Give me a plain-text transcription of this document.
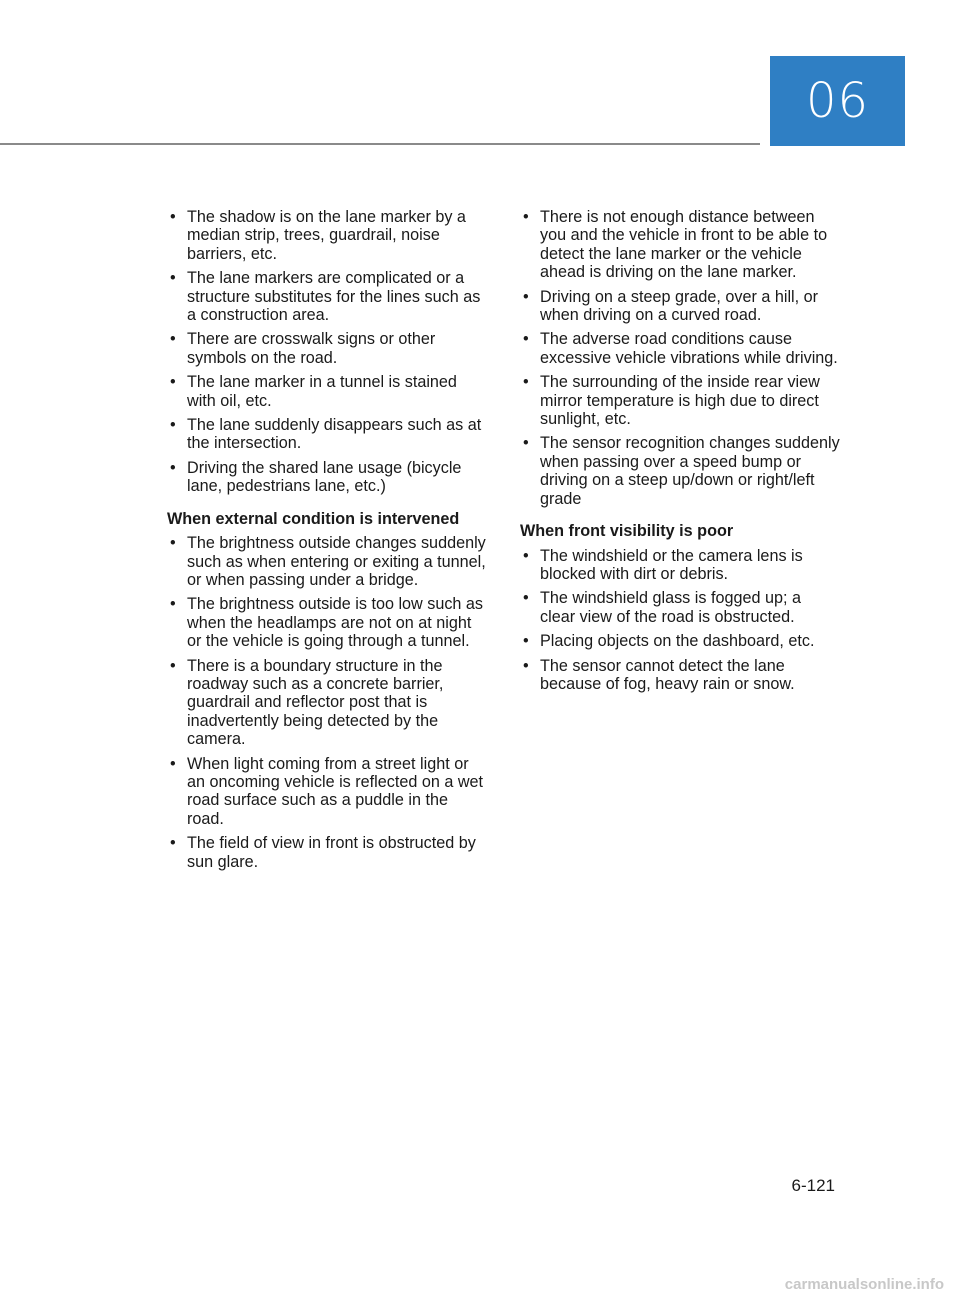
06
• The shadow is on the lane marker by a median strip, trees, guardrail, noise barriers, etc.
• The lane markers are complicated or a structure substitutes for the lines such as a construction area.
• There are crosswalk signs or other symbols on the road.
• The lane marker in a tunnel is stained with oil, etc.
• The lane suddenly disappears such as at the intersection.
• Driving the shared lane usage (bicycle lane, pedestrians lane, etc.)
When external condition is intervened
• The brightness outside changes suddenly such as when entering or exiting a tunnel, or when passing under a bridge.
• The brightness outside is too low such as when the headlamps are not on at night or the vehicle is going through a tunnel.
• There is a boundary structure in the roadway such as a concrete barrier, guardrail and reflector post that is inadvertently being detected by the camera.
• When light coming from a street light or an oncoming vehicle is reflected on a wet road surface such as a puddle in the road.
• The field of view in front is obstructed by sun glare.
• There is not enough distance between you and the vehicle in front to be able to detect the lane marker or the vehicle ahead is driving on the lane marker.
• Driving on a steep grade, over a hill, or when driving on a curved road.
• The adverse road conditions cause excessive vehicle vibrations while driving.
• The surrounding of the inside rear view mirror temperature is high due to direct sunlight, etc.
• The sensor recognition changes suddenly when passing over a speed bump or driving on a steep up/down or right/left grade
When front visibility is poor
• The windshield or the camera lens is blocked with dirt or debris.
• The windshield glass is fogged up; a clear view of the road is obstructed.
• Placing objects on the dashboard, etc.
• The sensor cannot detect the lane because of fog, heavy rain or snow.
6-121
carmanualsonline.info
